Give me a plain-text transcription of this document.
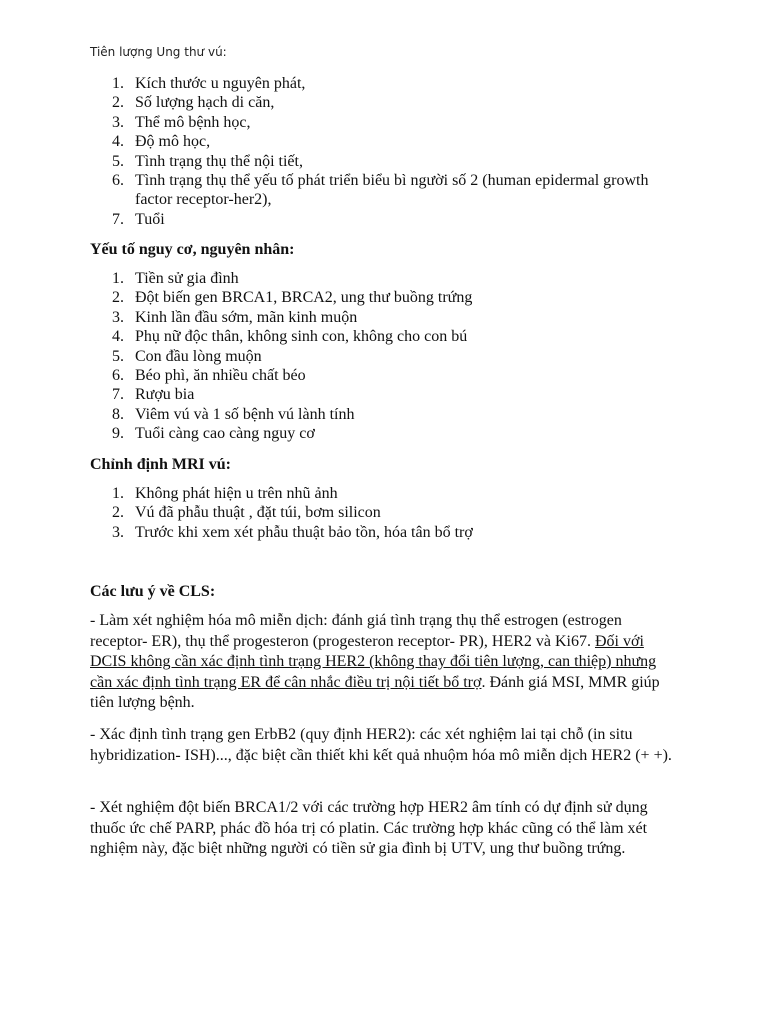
Tiên lượng Ung thư vú:
1. Kích thước u nguyên phát,
2. Số lượng hạch di căn,
3. Thể mô bệnh học,
4. Độ mô học,
5. Tình trạng thụ thể nội tiết,
6. Tình trạng thụ thể yếu tố phát triển biểu bì người số 2 (human epidermal growth factor receptor-her2),
7. Tuổi
Yếu tố nguy cơ, nguyên nhân:
1. Tiền sử gia đình
2. Đột biến gen BRCA1, BRCA2, ung thư buồng trứng
3. Kinh lần đầu sớm, mãn kinh muộn
4. Phụ nữ độc thân, không sinh con, không cho con bú
5. Con đầu lòng muộn
6. Béo phì, ăn nhiều chất béo
7. Rượu bia
8. Viêm vú và 1 số bệnh vú lành tính
9. Tuổi càng cao càng nguy cơ
Chỉnh định MRI vú:
1. Không phát hiện u trên nhũ ảnh
2. Vú đã phẫu thuật , đặt túi, bơm silicon
3. Trước khi xem xét phẫu thuật bảo tồn, hóa tân bổ trợ
Các lưu ý về CLS:

- Làm xét nghiệm hóa mô miễn dịch: đánh giá tình trạng thụ thể estrogen (estrogen receptor- ER), thụ thể progesteron (progesteron receptor- PR), HER2 và Ki67. Đối với DCIS không cần xác định tình trạng HER2 (không thay đổi tiên lượng, can thiệp) nhưng cần xác định tình trạng ER để cân nhắc điều trị nội tiết bổ trợ. Đánh giá MSI, MMR giúp tiên lượng bệnh.

- Xác định tình trạng gen ErbB2 (quy định HER2): các xét nghiệm lai tại chỗ (in situ hybridization- ISH)..., đặc biệt cần thiết khi kết quả nhuộm hóa mô miễn dịch HER2 (+ +).

- Xét nghiệm đột biến BRCA1/2 với các trường hợp HER2 âm tính có dự định sử dụng thuốc ức chế PARP, phác đồ hóa trị có platin. Các trường hợp khác cũng có thể làm xét nghiệm này, đặc biệt những người có tiền sử gia đình bị UTV, ung thư buồng trứng.
